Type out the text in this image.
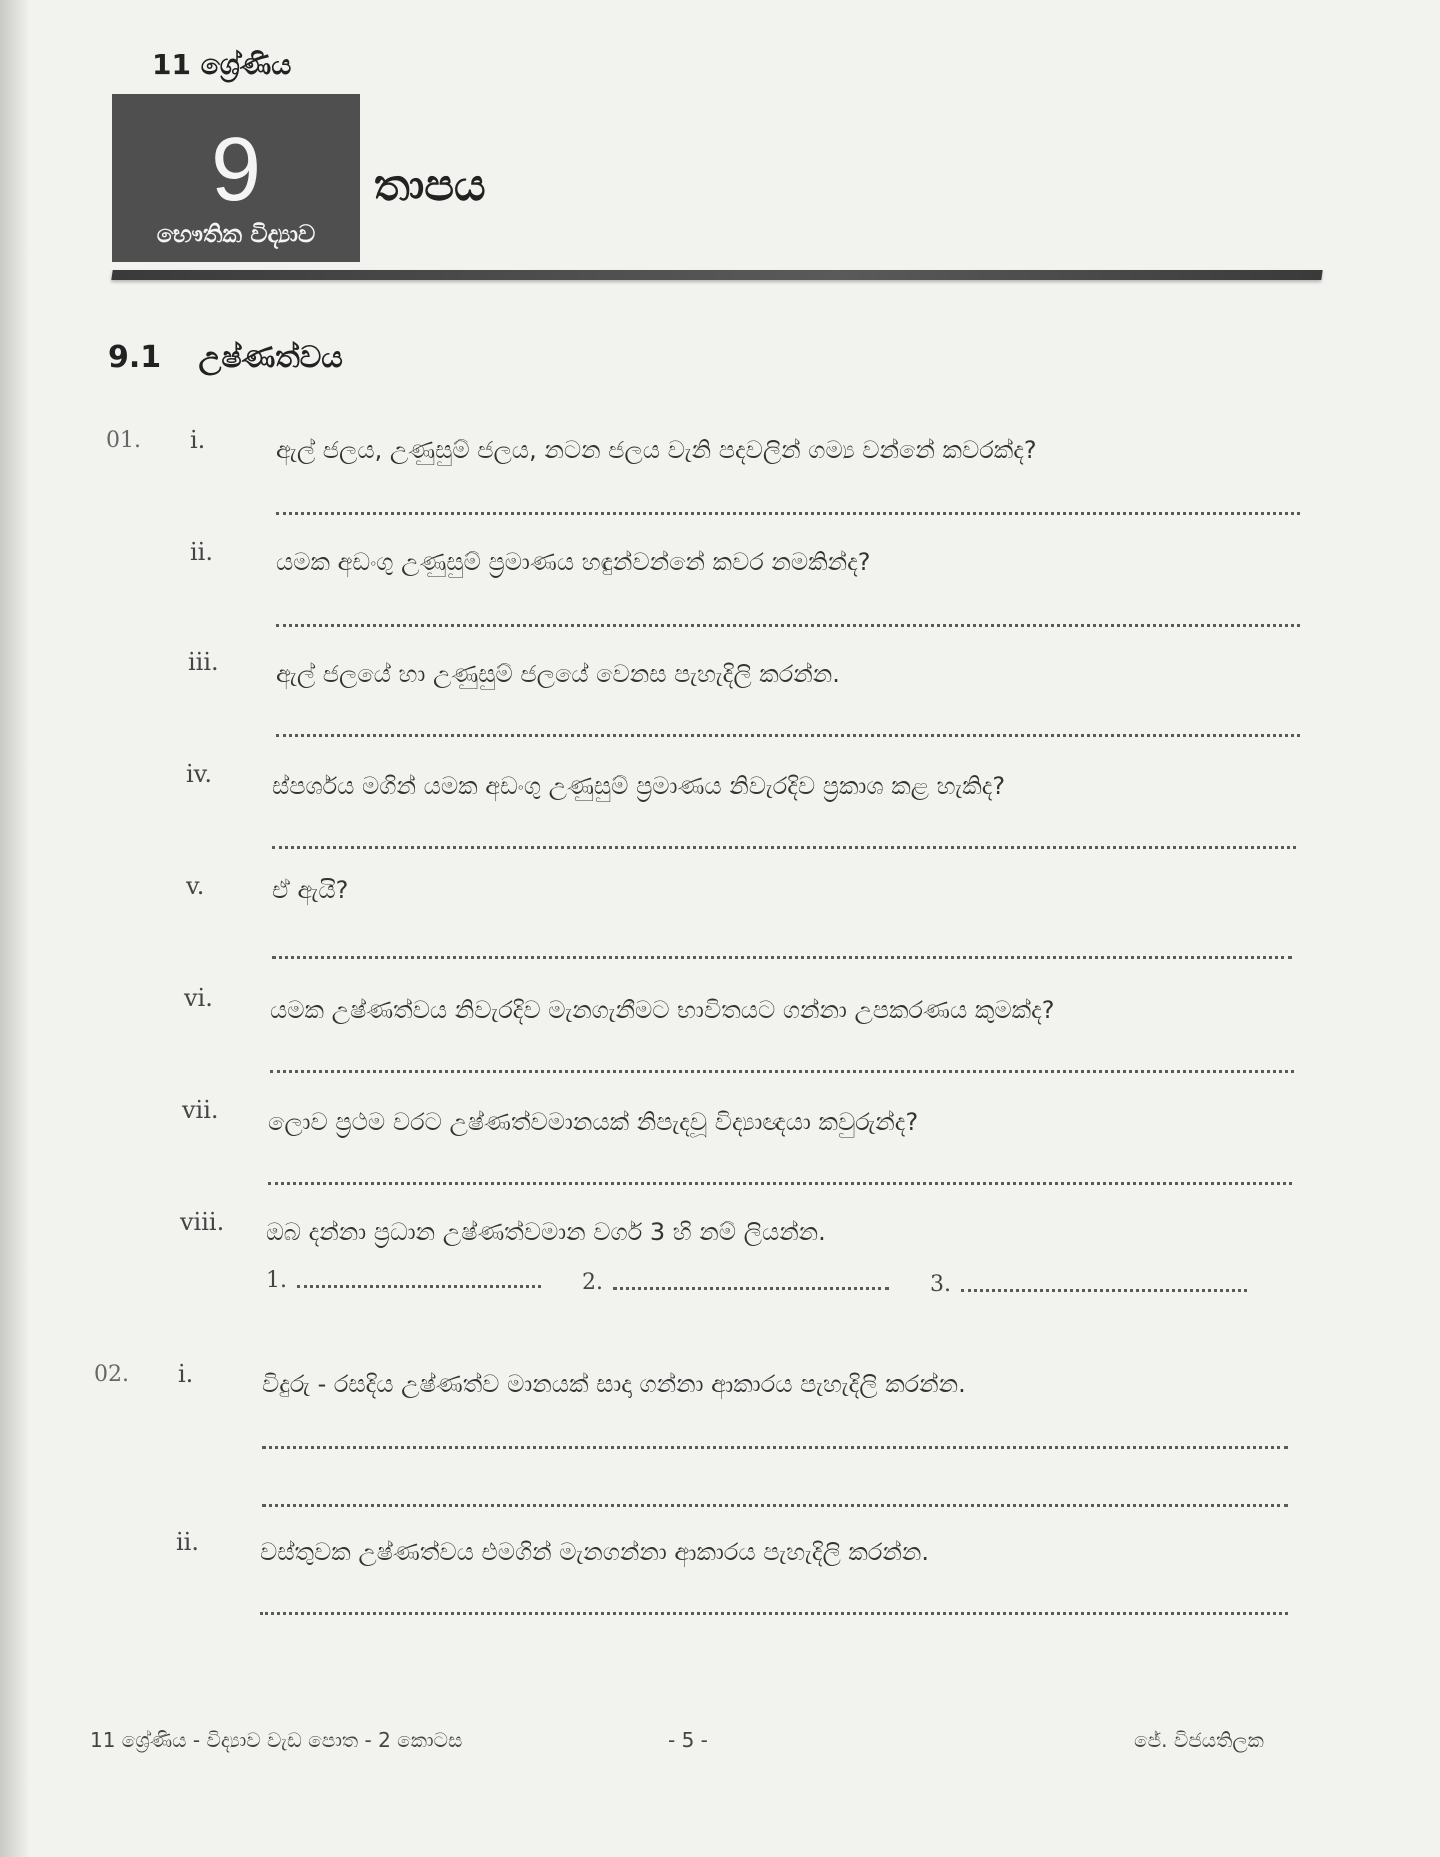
11 ශ්‍රේණිය
9
භෞතික විද්‍යාව
තාපය
9.1 උෂ්ණත්වය
01. i.	ඇල් ජලය, උණුසුම් ජලය, නටන ජලය වැනි පදවලින් ගම්‍ය වන්නේ කවරක්ද?
ii.	යමක අඩංගු උණුසුම් ප්‍රමාණය හඳුන්වන්නේ කවර නමකින්ද?
iii. ඇල් ජලයේ හා උණුසුම් ජලයේ වෙනස පැහැදිලි කරන්න.
iv. ස්පර්ශය මගින් යමක අඩංගු උණුසුම් ප්‍රමාණය නිවැරදිව ප්‍රකාශ කළ හැකිද?
v.	ඒ ඇයි?
vi. යමක උෂ්ණත්වය නිවැරදිව මැනගැනීමට භාවිතයට ගන්නා උපකරණය කුමක්ද?
vii. ලොව ප්‍රථම වරට උෂ්ණත්වමානයක් නිපැදවූ විද්‍යාඥයා කවුරුන්ද?
viii. ඔබ දන්නා ප්‍රධාන උෂ්ණත්වමාන වර්ග 3 හි නම් ලියන්න.
1.	2.	3.
02. i.	විදුරු - රසදිය උෂ්ණත්ව මානයක් සාදා ගන්නා ආකාරය පැහැදිලි කරන්න.
ii.	වස්තුවක උෂ්ණත්වය එමගින් මැනගන්නා ආකාරය පැහැදිලි කරන්න.
11 ශ්‍රේණිය - විද්‍යාව වැඩ පොත - 2 කොටස	- 5 -	ජේ. විජයතිලක
